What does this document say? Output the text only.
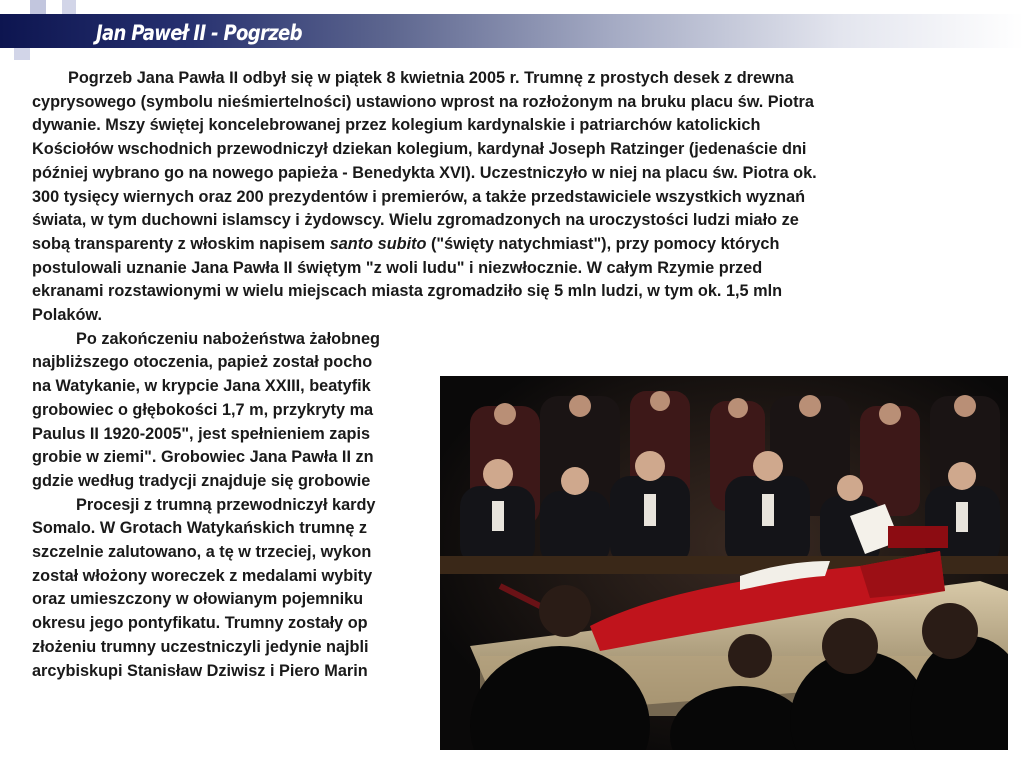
Jan Paweł II - Pogrzeb

Pogrzeb Jana Pawła II odbył się w piątek 8 kwietnia 2005 r. Trumnę z prostych desek z drewna cyprysowego (symbolu nieśmiertelności) ustawiono wprost na rozłożonym na bruku placu św. Piotra dywanie. Mszy świętej koncelebrowanej przez kolegium kardynalskie i patriarchów katolickich Kościołów wschodnich przewodniczył dziekan kolegium, kardynał Joseph Ratzinger (jedenaście dni później wybrano go na nowego papieża - Benedykta XVI). Uczestniczyło w niej na placu św. Piotra ok. 300 tysięcy wiernych oraz 200 prezydentów i premierów, a także przedstawiciele wszystkich wyznań świata, w tym duchowni islamscy i żydowscy. Wielu zgromadzonych na uroczystości ludzi miało ze sobą transparenty z włoskim napisem santo subito ("święty natychmiast"), przy pomocy których postulowali uznanie Jana Pawła II świętym "z woli ludu" i niezwłocznie. W całym Rzymie przed ekranami rozstawionymi w wielu miejscach miasta zgromadziło się 5 mln ludzi, w tym ok. 1,5 mln Polaków.

Po zakończeniu nabożeństwa żałobneg
najbliższego otoczenia, papież został pocho
na Watykanie, w krypcie Jana XXIII, beatyfik
grobowiec o głębokości 1,7 m, przykryty ma
Paulus II 1920-2005", jest spełnieniem zapis
grobie w ziemi". Grobowiec Jana Pawła II zn
gdzie według tradycji znajduje się grobowie

Procesji z trumną przewodniczył kardy
Somalo. W Grotach Watykańskich trumnę z
szczelnie zalutowano, a tę w trzeciej, wykon
został włożony woreczek z medalami wybity
oraz umieszczony w ołowianym pojemniku
okresu jego pontyfikatu. Trumny zostały op
złożeniu trumny uczestniczyli jedynie najbli
arcybiskupi Stanisław Dziwisz i Piero Marin
